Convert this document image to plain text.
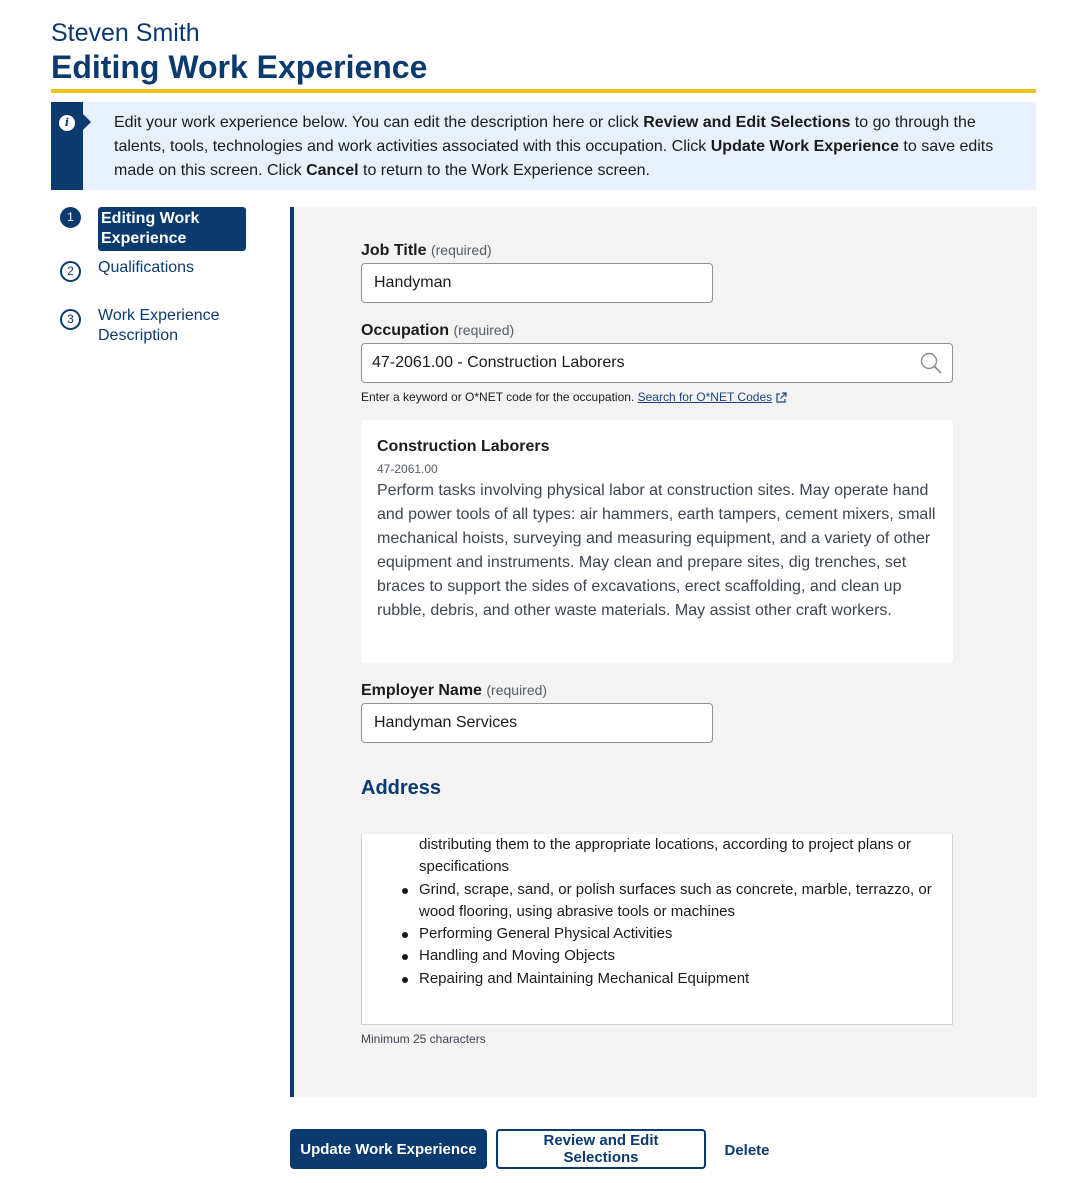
Steven Smith
Editing Work Experience
i	Edit your work experience below. You can edit the description here or click Review and Edit Selections to go through the talents, tools, technologies and work activities associated with this occupation. Click Update Work Experience to save edits made on this screen. Click Cancel to return to the Work Experience screen.
1	Editing Work Experience
2	Qualifications
3	Work Experience Description
Job Title (required)
Handyman
Occupation (required)
47-2061.00 - Construction Laborers
Enter a keyword or O*NET code for the occupation. Search for O*NET Codes
Construction Laborers
47-2061.00
Perform tasks involving physical labor at construction sites. May operate hand and power tools of all types: air hammers, earth tampers, cement mixers, small mechanical hoists, surveying and measuring equipment, and a variety of other equipment and instruments. May clean and prepare sites, dig trenches, set braces to support the sides of excavations, erect scaffolding, and clean up rubble, debris, and other waste materials. May assist other craft workers.
Employer Name (required)
Handyman Services
Address
distributing them to the appropriate locations, according to project plans or specifications
Grind, scrape, sand, or polish surfaces such as concrete, marble, terrazzo, or wood flooring, using abrasive tools or machines
Performing General Physical Activities
Handling and Moving Objects
Repairing and Maintaining Mechanical Equipment
Minimum 25 characters
Update Work Experience	Review and Edit Selections	Delete
